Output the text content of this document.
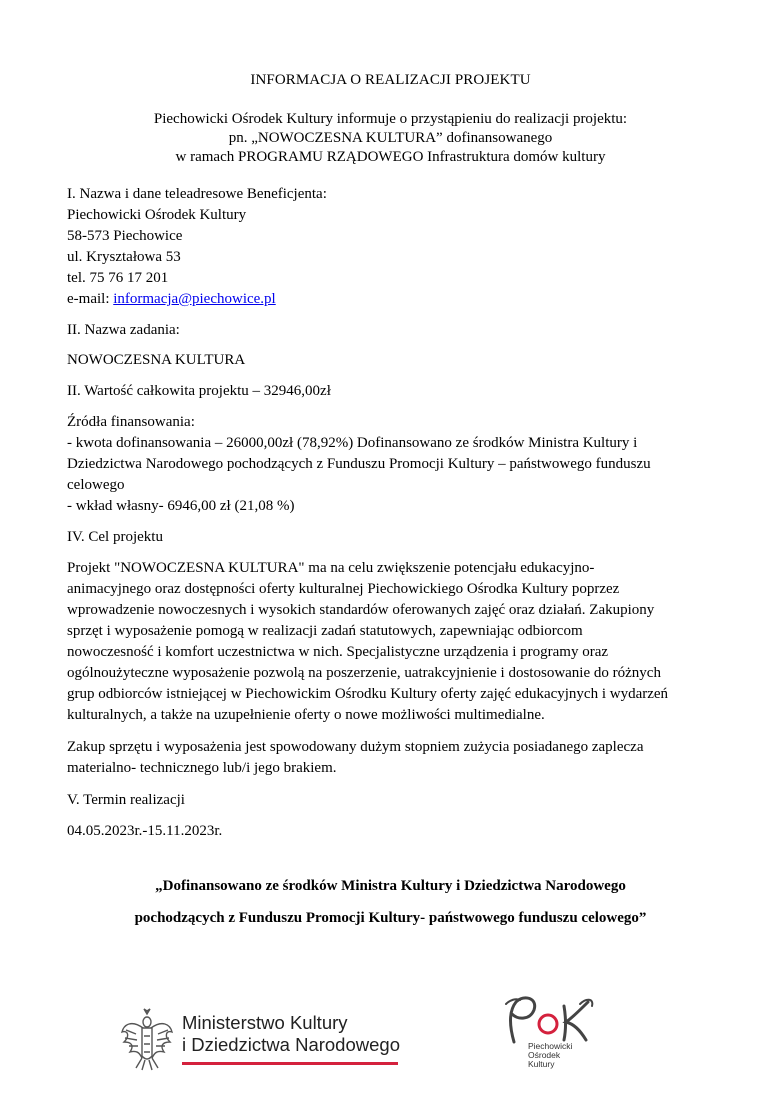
INFORMACJA O REALIZACJI PROJEKTU
Piechowicki Ośrodek Kultury informuje o przystąpieniu do realizacji projektu:
pn. „NOWOCZESNA KULTURA” dofinansowanego
w ramach PROGRAMU RZĄDOWEGO Infrastruktura domów kultury
I. Nazwa i dane teleadresowe Beneficjenta:
Piechowicki Ośrodek Kultury
58-573 Piechowice
ul. Kryształowa 53
tel. 75 76 17 201
e-mail: informacja@piechowice.pl
II. Nazwa zadania:
NOWOCZESNA KULTURA
II. Wartość całkowita projektu – 32946,00zł
Źródła finansowania:
- kwota dofinansowania – 26000,00zł (78,92%) Dofinansowano ze środków Ministra Kultury i
Dziedzictwa Narodowego pochodzących z Funduszu Promocji Kultury – państwowego funduszu
celowego
- wkład własny- 6946,00 zł (21,08 %)
IV. Cel projektu
Projekt "NOWOCZESNA KULTURA" ma na celu zwiększenie potencjału edukacyjno-
animacyjnego oraz dostępności oferty kulturalnej Piechowickiego Ośrodka Kultury poprzez
wprowadzenie nowoczesnych i wysokich standardów oferowanych zajęć oraz działań. Zakupiony
sprzęt i wyposażenie pomogą w realizacji zadań statutowych, zapewniając odbiorcom
nowoczesność i komfort uczestnictwa w nich. Specjalistyczne urządzenia i programy oraz
ogólnoużyteczne wyposażenie pozwolą na poszerzenie, uatrakcyjnienie i dostosowanie do różnych
grup odbiorców istniejącej w Piechowickim Ośrodku Kultury oferty zajęć edukacyjnych i wydarzeń
kulturalnych, a także na uzupełnienie oferty o nowe możliwości multimedialne.
Zakup sprzętu i wyposażenia jest spowodowany dużym stopniem zużycia posiadanego zaplecza
materialno- technicznego lub/i jego brakiem.
V. Termin realizacji
04.05.2023r.-15.11.2023r.
„Dofinansowano ze środków Ministra Kultury i Dziedzictwa Narodowego
pochodzących z Funduszu Promocji Kultury- państwowego funduszu celowego”
Ministerstwo Kultury
i Dziedzictwa Narodowego	Piechowicki
Ośrodek
Kultury
